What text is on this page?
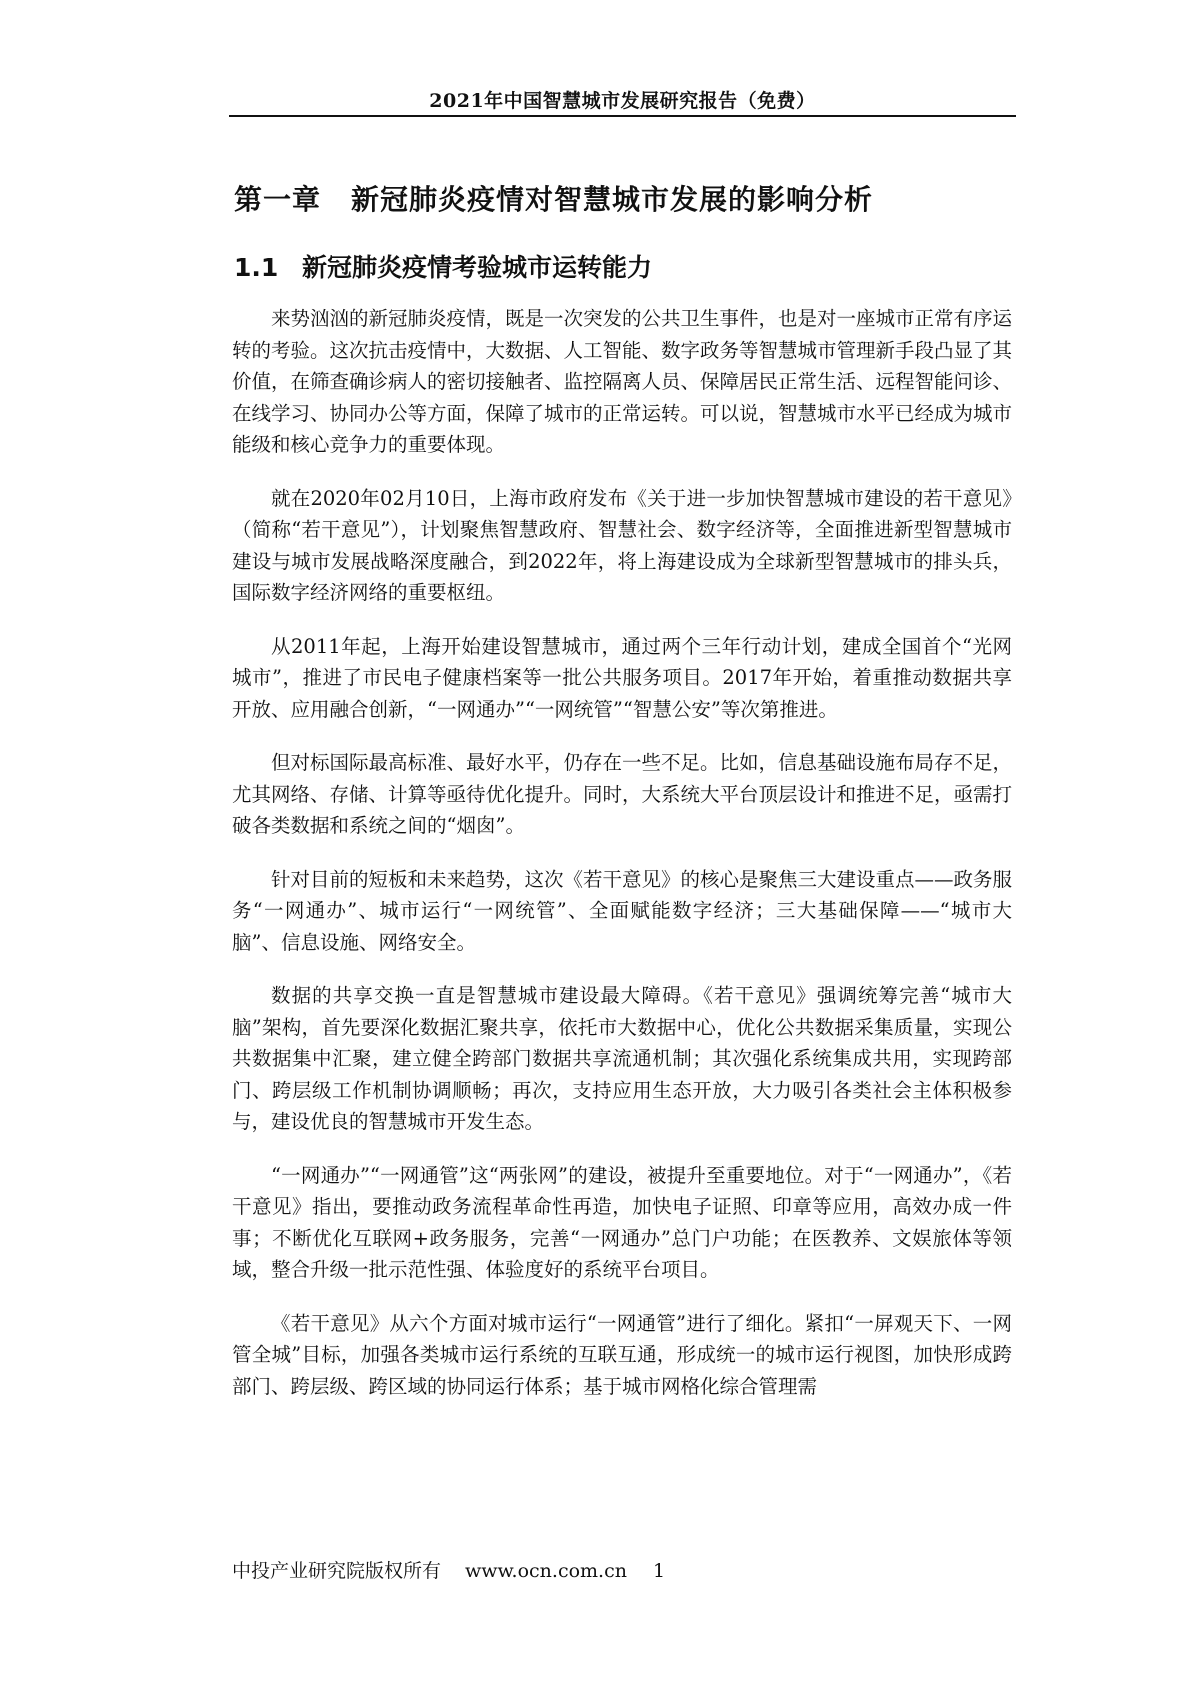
2021年中国智慧城市发展研究报告（免费）
第一章 新冠肺炎疫情对智慧城市发展的影响分析
1.1 新冠肺炎疫情考验城市运转能力

来势汹汹的新冠肺炎疫情，既是一次突发的公共卫生事件，也是对一座城市正常有序运转的考验。这次抗击疫情中，大数据、人工智能、数字政务等智慧城市管理新手段凸显了其价值，在筛查确诊病人的密切接触者、监控隔离人员、保障居民正常生活、远程智能问诊、在线学习、协同办公等方面，保障了城市的正常运转。可以说，智慧城市水平已经成为城市能级和核心竞争力的重要体现。

就在2020年02月10日，上海市政府发布《关于进一步加快智慧城市建设的若干意见》（简称“若干意见”），计划聚焦智慧政府、智慧社会、数字经济等，全面推进新型智慧城市建设与城市发展战略深度融合，到2022年，将上海建设成为全球新型智慧城市的排头兵，国际数字经济网络的重要枢纽。

从2011年起，上海开始建设智慧城市，通过两个三年行动计划，建成全国首个“光网城市”，推进了市民电子健康档案等一批公共服务项目。2017年开始，着重推动数据共享开放、应用融合创新，“一网通办”“一网统管”“智慧公安”等次第推进。

但对标国际最高标准、最好水平，仍存在一些不足。比如，信息基础设施布局存不足，尤其网络、存储、计算等亟待优化提升。同时，大系统大平台顶层设计和推进不足，亟需打破各类数据和系统之间的“烟囱”。

针对目前的短板和未来趋势，这次《若干意见》的核心是聚焦三大建设重点——政务服务“一网通办”、城市运行“一网统管”、全面赋能数字经济；三大基础保障——“城市大脑”、信息设施、网络安全。

数据的共享交换一直是智慧城市建设最大障碍。《若干意见》强调统筹完善“城市大脑”架构，首先要深化数据汇聚共享，依托市大数据中心，优化公共数据采集质量，实现公共数据集中汇聚，建立健全跨部门数据共享流通机制；其次强化系统集成共用，实现跨部门、跨层级工作机制协调顺畅；再次，支持应用生态开放，大力吸引各类社会主体积极参与，建设优良的智慧城市开发生态。

“一网通办”“一网通管”这“两张网”的建设，被提升至重要地位。对于“一网通办”，《若干意见》指出，要推动政务流程革命性再造，加快电子证照、印章等应用，高效办成一件事；不断优化互联网+政务服务，完善“一网通办”总门户功能；在医教养、文娱旅体等领域，整合升级一批示范性强、体验度好的系统平台项目。

《若干意见》从六个方面对城市运行“一网通管”进行了细化。紧扣“一屏观天下、一网管全城”目标，加强各类城市运行系统的互联互通，形成统一的城市运行视图，加快形成跨部门、跨层级、跨区域的协同运行体系；基于城市网格化综合管理需

中投产业研究院版权所有 www.ocn.com.cn 1
